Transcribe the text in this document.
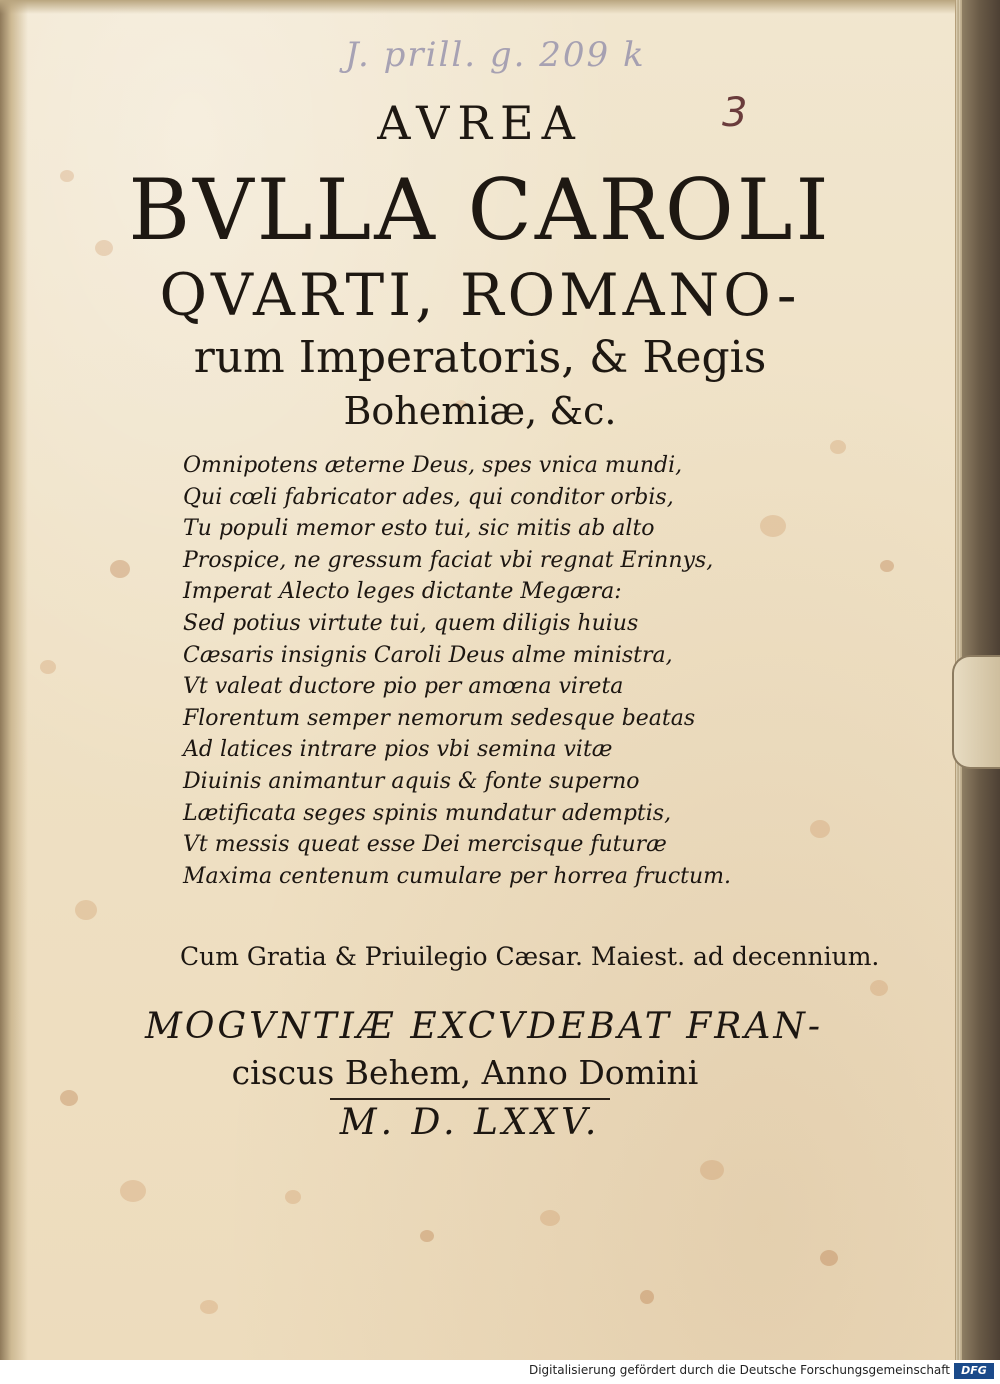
J. prill. g. 209 k
3
AVREA
BVLLA CAROLI
QVARTI, ROMANO-
rum Imperatoris, & Regis
Bohemiæ, &c.
Omnipotens æterne Deus, spes vnica mundi,
Qui cœli fabricator ades, qui conditor orbis,
Tu populi memor esto tui, sic mitis ab alto
Prospice, ne gressum faciat vbi regnat Erinnys,
Imperat Alecto leges dictante Megæra:
Sed potius virtute tui, quem diligis huius
Cæsaris insignis Caroli Deus alme ministra,
Vt valeat ductore pio per amœna vireta
Florentum semper nemorum sedesque beatas
Ad latices intrare pios vbi semina vitæ
Diuinis animantur aquis & fonte superno
Lætificata seges spinis mundatur ademptis,
Vt messis queat esse Dei mercisque futuræ
Maxima centenum cumulare per horrea fructum.
Cum Gratia & Priuilegio Cæsar. Maiest. ad decennium.
MOGVNTIÆ EXCVDEBAT FRAN-
ciscus Behem, Anno Domini
M. D. LXXV.
Digitalisierung gefördert durch die Deutsche Forschungsgemeinschaft	DFG
